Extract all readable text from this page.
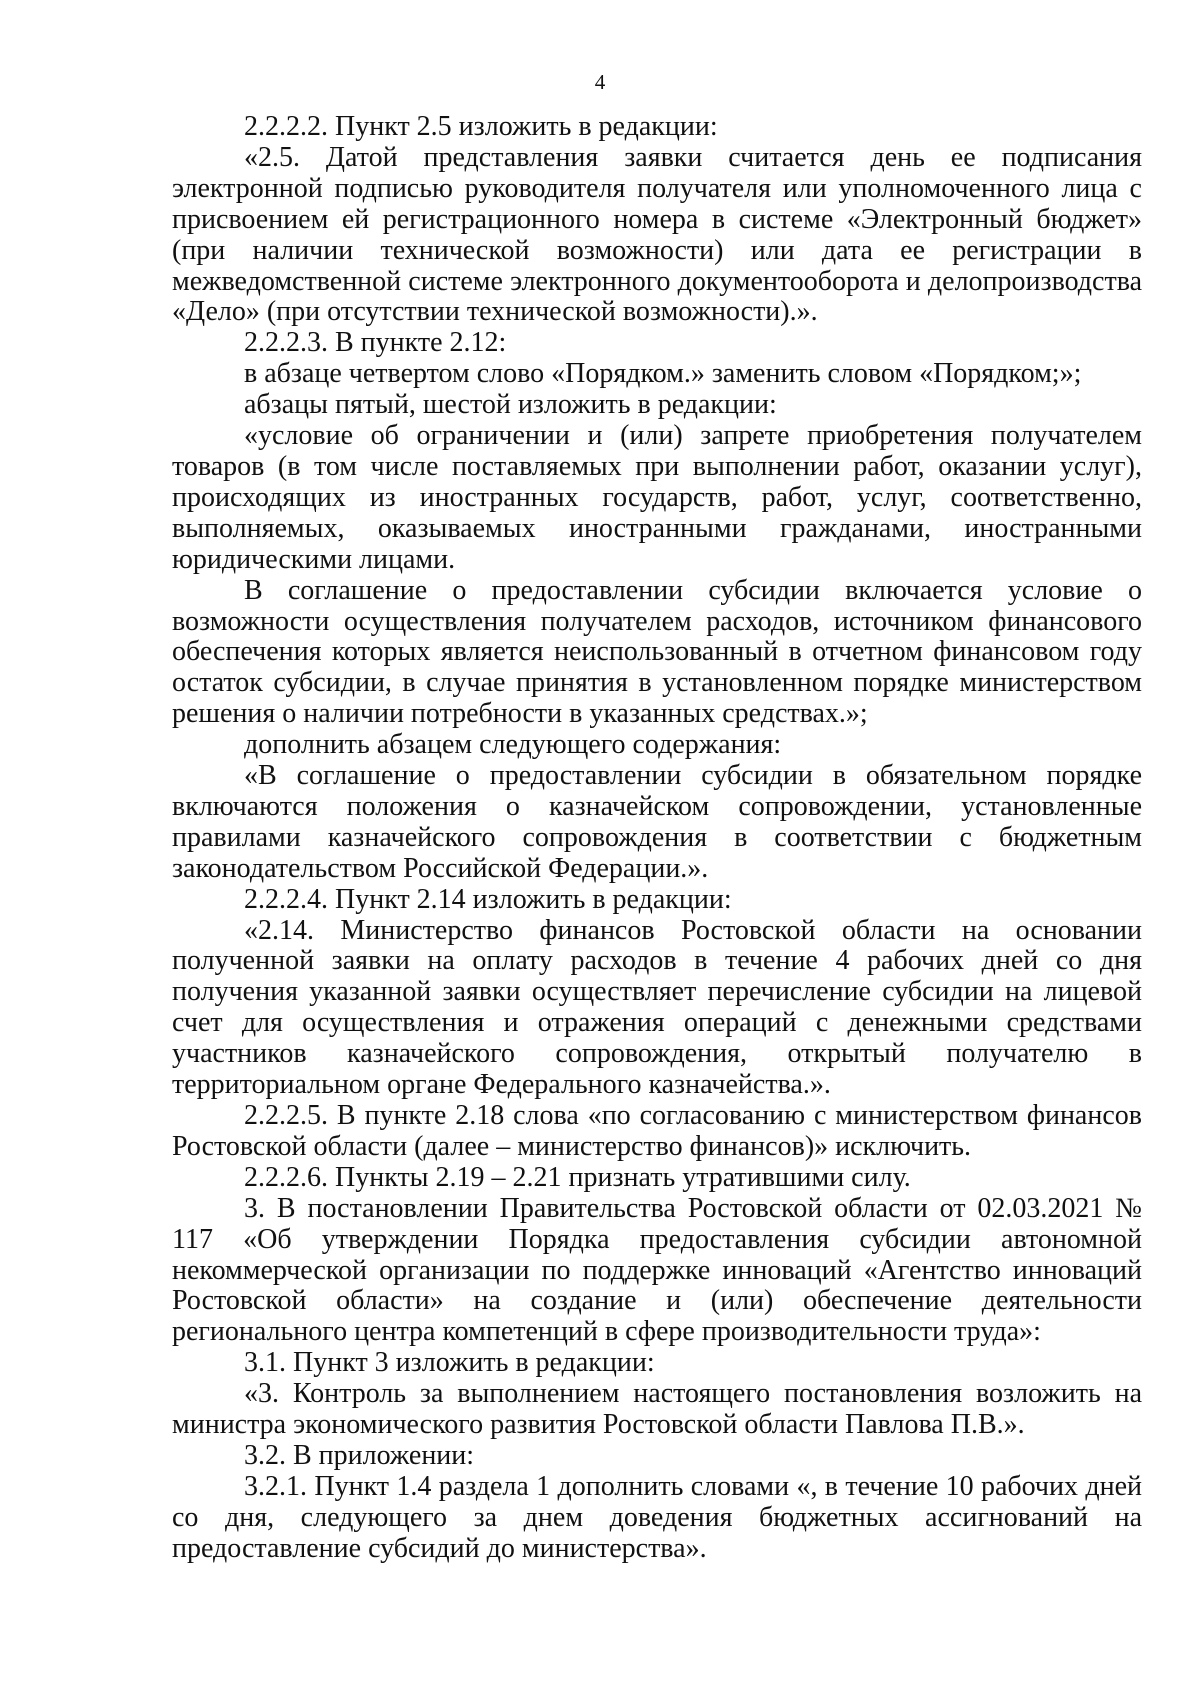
4

2.2.2.2. Пункт 2.5 изложить в редакции:

«2.5. Датой представления заявки считается день ее подписания электронной подписью руководителя получателя или уполномоченного лица с присвоением ей регистрационного номера в системе «Электронный бюджет» (при наличии технической возможности) или дата ее регистрации в межведомственной системе электронного документооборота и делопроизводства «Дело» (при отсутствии технической возможности).».

2.2.2.3. В пункте 2.12:

в абзаце четвертом слово «Порядком.» заменить словом «Порядком;»;

абзацы пятый, шестой изложить в редакции:

«условие об ограничении и (или) запрете приобретения получателем товаров (в том числе поставляемых при выполнении работ, оказании услуг), происходящих из иностранных государств, работ, услуг, соответственно, выполняемых, оказываемых иностранными гражданами, иностранными юридическими лицами.

В соглашение о предоставлении субсидии включается условие о возможности осуществления получателем расходов, источником финансового обеспечения которых является неиспользованный в отчетном финансовом году остаток субсидии, в случае принятия в установленном порядке министерством решения о наличии потребности в указанных средствах.»;

дополнить абзацем следующего содержания:

«В соглашение о предоставлении субсидии в обязательном порядке включаются положения о казначейском сопровождении, установленные правилами казначейского сопровождения в соответствии с бюджетным законодательством Российской Федерации.».

2.2.2.4. Пункт 2.14 изложить в редакции:

«2.14. Министерство финансов Ростовской области на основании полученной заявки на оплату расходов в течение 4 рабочих дней со дня получения указанной заявки осуществляет перечисление субсидии на лицевой счет для осуществления и отражения операций с денежными средствами участников казначейского сопровождения, открытый получателю в территориальном органе Федерального казначейства.».

2.2.2.5. В пункте 2.18 слова «по согласованию с министерством финансов Ростовской области (далее – министерство финансов)» исключить.

2.2.2.6. Пункты 2.19 – 2.21 признать утратившими силу.

3. В постановлении Правительства Ростовской области от 02.03.2021 № 117 «Об утверждении Порядка предоставления субсидии автономной некоммерческой организации по поддержке инноваций «Агентство инноваций Ростовской области» на создание и (или) обеспечение деятельности регионального центра компетенций в сфере производительности труда»:

3.1. Пункт 3 изложить в редакции:

«3. Контроль за выполнением настоящего постановления возложить на министра экономического развития Ростовской области Павлова П.В.».

3.2. В приложении:

3.2.1. Пункт 1.4 раздела 1 дополнить словами «, в течение 10 рабочих дней со дня, следующего за днем доведения бюджетных ассигнований на предоставление субсидий до министерства».
